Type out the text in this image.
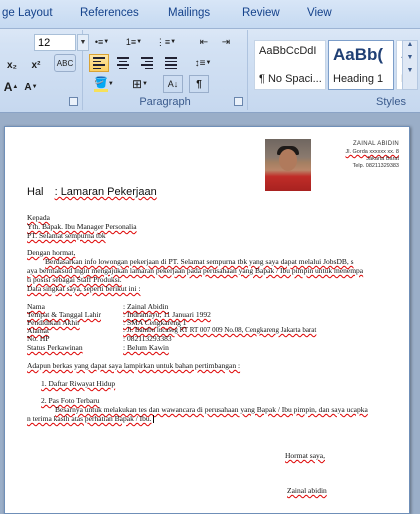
ge Layout References	Mailings	Review View
12	▼
x₂ x² ABC
A ▲ A ▼
•≡ ▼ 1≡ ▼ ⋮≡ ▼ ⇤ ⇥
↕≡ ▼
🪣 ▼ ⊞ ▼ A↓ ¶
Paragraph	Styles
AaBbCcDdI
¶ No Spaci...
AaBb(
Heading 1
▲
▼
▼
ZAINAL ABIDIN
Jl. Gorda xxxxxx xx. 8
Jakarta Barat
Telp. 08211329383
Hal : Lamaran Pekerjaan
Kepada
Yth. Bapak. Ibu Manager Personalia
PT. Selamat sempurna tbk
Dengan hormat,
Berdasarkan info lowongan pekerjaan di PT. Selamat sempurna tbk yang saya dapat melalui JobsDB, s
aya bermaksud ingin mengajukan lamaran pekerjaan pada perusahaan yang Bapak / Ibu pimpin untuk menempa
ti posisi sebagai Staff Produksi.
Data singkat saya, seperti berikut ini :
Nama	: Zainal Abidin
Tempat & Tanggal Lahir	: Indramayu, 11 Januari 1992
Pendidikan Akhir	: SMA Cengkareng 1
Alamat	: Jl. Bambu lucaseg RT RT 007 009 No.08, Cengkareng Jakarta barat
No. HP	: 082113293383
Status Perkawinan	: Belum Kawin
Adapun berkas yang dapat saya lampirkan untuk bahan pertimbangan :
1. Daftar Riwayat Hidup
2. Pas Foto Terbaru
Besarnya untuk melakukan tes dan wawancara di perusahaan yang Bapak / Ibu pimpin, dan saya ucapka
n terima kasih atas perhatian Bapak / Ibu.
Hormat saya,
Zainal abidin
